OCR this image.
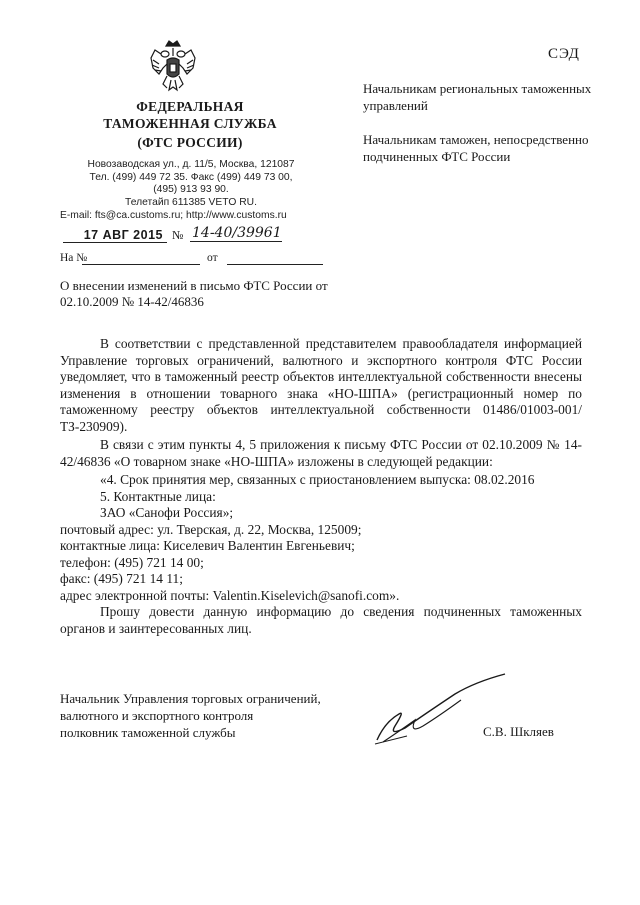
СЭД
ФЕДЕРАЛЬНАЯ
ТАМОЖЕННАЯ СЛУЖБА
(ФТС РОССИИ)
Новозаводская ул., д. 11/5, Москва, 121087
Тел. (499) 449 72 35. Факс (499) 449 73 00,
(495) 913 93 90.
Телетайп 611385 VETO RU.
E-mail: fts@ca.customs.ru; http://www.customs.ru
17 АВГ 2015 № 14-40/39961
На №	от
О внесении изменений в письмо ФТС России от 02.10.2009 № 14-42/46836
Начальникам региональных таможенных управлений
Начальникам таможен, непосредственно подчиненных ФТС России

В соответствии с представленной представителем правообладателя информацией Управление торговых ограничений, валютного и экспортного контроля ФТС России уведомляет, что в таможенный реестр объектов интеллектуальной собственности внесены изменения в отношении товарного знака «НО-ШПА» (регистрационный номер по таможенному реестру объектов интеллектуальной собственности 01486/01003-001/ТЗ-230909).

В связи с этим пункты 4, 5 приложения к письму ФТС России от 02.10.2009 № 14-42/46836 «О товарном знаке «НО-ШПА» изложены в следующей редакции:

«4. Срок принятия мер, связанных с приостановлением выпуска: 08.02.2016

5. Контактные лица:

ЗАО «Санофи Россия»;

почтовый адрес: ул. Тверская, д. 22, Москва, 125009;

контактные лица: Киселевич Валентин Евгеньевич;

телефон: (495) 721 14 00;

факс: (495) 721 14 11;

адрес электронной почты: Valentin.Kiselevich@sanofi.com».

Прошу довести данную информацию до сведения подчиненных таможенных органов и заинтересованных лиц.

Начальник Управления торговых ограничений,
валютного и экспортного контроля
полковник таможенной службы	С.В. Шкляев
